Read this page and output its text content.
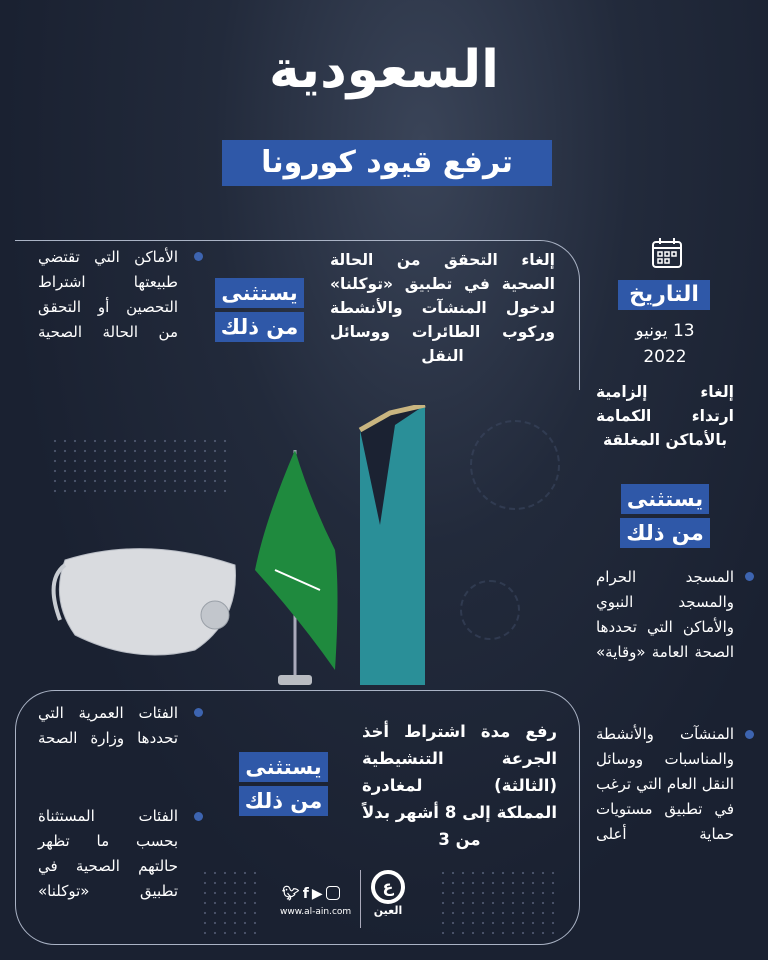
السعودية
ترفع قيود كورونا
التاريخ
13 يونيو
2022
إلغاء إلزامية ارتداء الكمامة بالأماكن المغلقة
يستثنى من ذلك
المسجد الحرام والمسجد النبوي والأماكن التي تحددها الصحة العامة «وقاية»
المنشآت والأنشطة والمناسبات ووسائل النقل العام التي ترغب في تطبيق مستويات حماية أعلى
إلغاء التحقق من الحالة الصحية في تطبيق «توكلنا» لدخول المنشآت والأنشطة وركوب الطائرات ووسائل النقل
يستثنى من ذلك
الأماكن التي تقتضي طبيعتها اشتراط التحصين أو التحقق من الحالة الصحية
رفع مدة اشتراط أخذ الجرعة التنشيطية (الثالثة) لمغادرة المملكة إلى 8 أشهر بدلاً من 3
يستثنى من ذلك
الفئات العمرية التي تحددها وزارة الصحة
الفئات المستثناة بحسب ما تظهر حالتهم الصحية في تطبيق «توكلنا»	🐦︎ f ▶
www.al-ain.com
ع
العين
